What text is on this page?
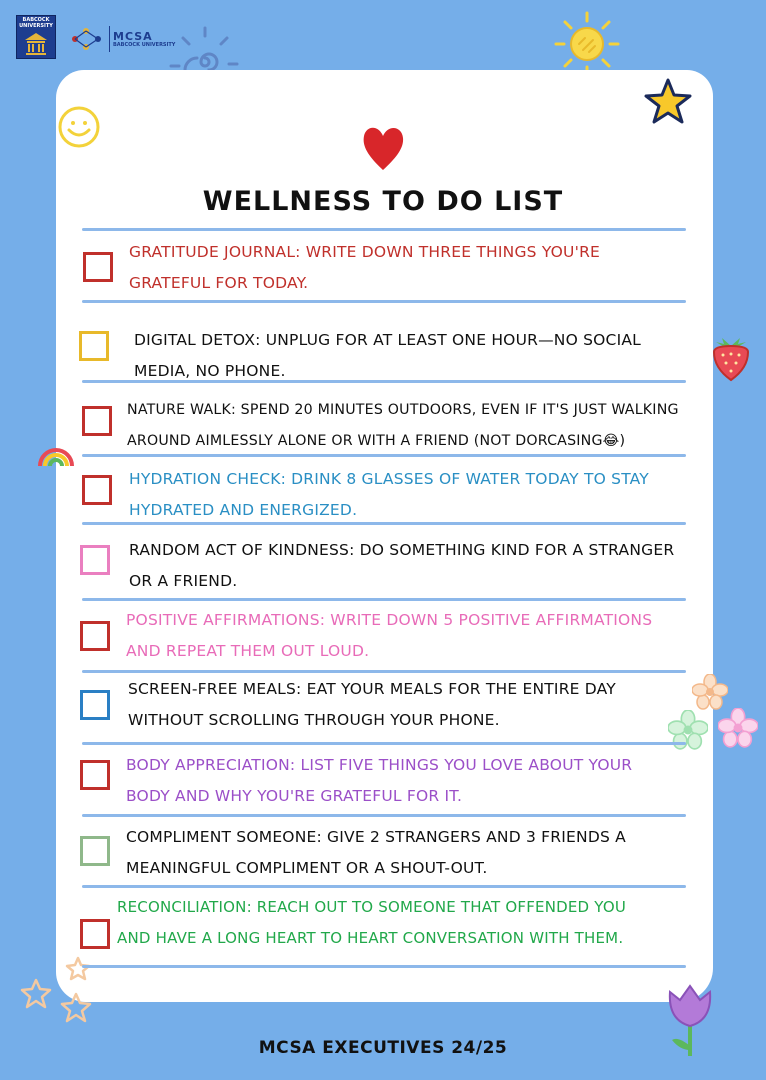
BABCOCK UNIVERSITY
MCSA
BABCOCK UNIVERSITY
WELLNESS TO DO LIST
GRATITUDE JOURNAL: WRITE DOWN THREE THINGS YOU'RE
GRATEFUL FOR TODAY.
DIGITAL DETOX: UNPLUG FOR AT LEAST ONE HOUR—NO SOCIAL
MEDIA, NO PHONE.
NATURE WALK: SPEND 20 MINUTES OUTDOORS, EVEN IF IT'S JUST WALKING
AROUND AIMLESSLY ALONE OR WITH A FRIEND (NOT DORCASING😂)
HYDRATION CHECK: DRINK 8 GLASSES OF WATER TODAY TO STAY
HYDRATED AND ENERGIZED.
RANDOM ACT OF KINDNESS: DO SOMETHING KIND FOR A STRANGER
OR A FRIEND.
POSITIVE AFFIRMATIONS: WRITE DOWN 5 POSITIVE AFFIRMATIONS
AND REPEAT THEM OUT LOUD.
SCREEN-FREE MEALS: EAT YOUR MEALS FOR THE ENTIRE DAY
WITHOUT SCROLLING THROUGH YOUR PHONE.
BODY APPRECIATION: LIST FIVE THINGS YOU LOVE ABOUT YOUR
BODY AND WHY YOU'RE GRATEFUL FOR IT.
COMPLIMENT SOMEONE: GIVE 2 STRANGERS AND 3 FRIENDS A
MEANINGFUL COMPLIMENT OR A SHOUT-OUT.
RECONCILIATION: REACH OUT TO SOMEONE THAT OFFENDED YOU
AND HAVE A LONG HEART TO HEART CONVERSATION WITH THEM.
MCSA EXECUTIVES 24/25
